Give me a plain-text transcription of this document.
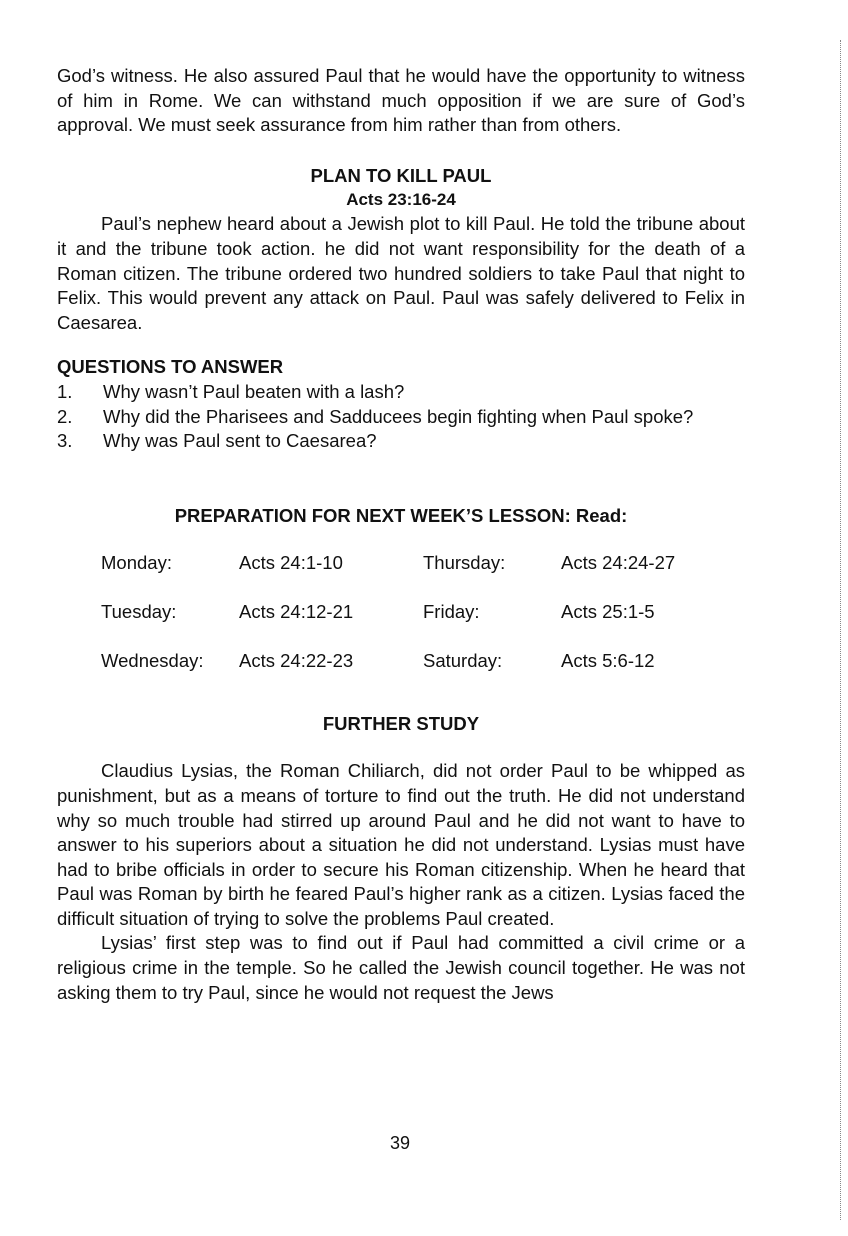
God’s witness. He also assured Paul that he would have the opportunity to witness of him in Rome. We can withstand much opposition if we are sure of God’s approval. We must seek assurance from him rather than from others.

PLAN TO KILL PAUL
Acts 23:16-24

Paul’s nephew heard about a Jewish plot to kill Paul. He told the tribune about it and the tribune took action. he did not want responsibility for the death of a Roman citizen. The tribune ordered two hundred soldiers to take Paul that night to Felix. This would prevent any attack on Paul. Paul was safely delivered to Felix in Caesarea.

QUESTIONS TO ANSWER
1.	Why wasn’t Paul beaten with a lash?
2.	Why did the Pharisees and Sadducees begin fighting when Paul spoke?
3.	Why was Paul sent to Caesarea?
PREPARATION FOR NEXT WEEK’S LESSON: Read:
Monday:	Acts 24:1-10	Thursday:	Acts 24:24-27
Tuesday:	Acts 24:12-21	Friday:	Acts 25:1-5
Wednesday:	Acts 24:22-23	Saturday:	Acts 5:6-12
FURTHER STUDY

Claudius Lysias, the Roman Chiliarch, did not order Paul to be whipped as punishment, but as a means of torture to find out the truth. He did not understand why so much trouble had stirred up around Paul and he did not want to have to answer to his superiors about a situation he did not understand. Lysias must have had to bribe officials in order to secure his Roman citizenship. When he heard that Paul was Roman by birth he feared Paul’s higher rank as a citizen. Lysias faced the difficult situation of trying to solve the problems Paul created.

Lysias’ first step was to find out if Paul had committed a civil crime or a religious crime in the temple. So he called the Jewish council together. He was not asking them to try Paul, since he would not request the Jews

39
